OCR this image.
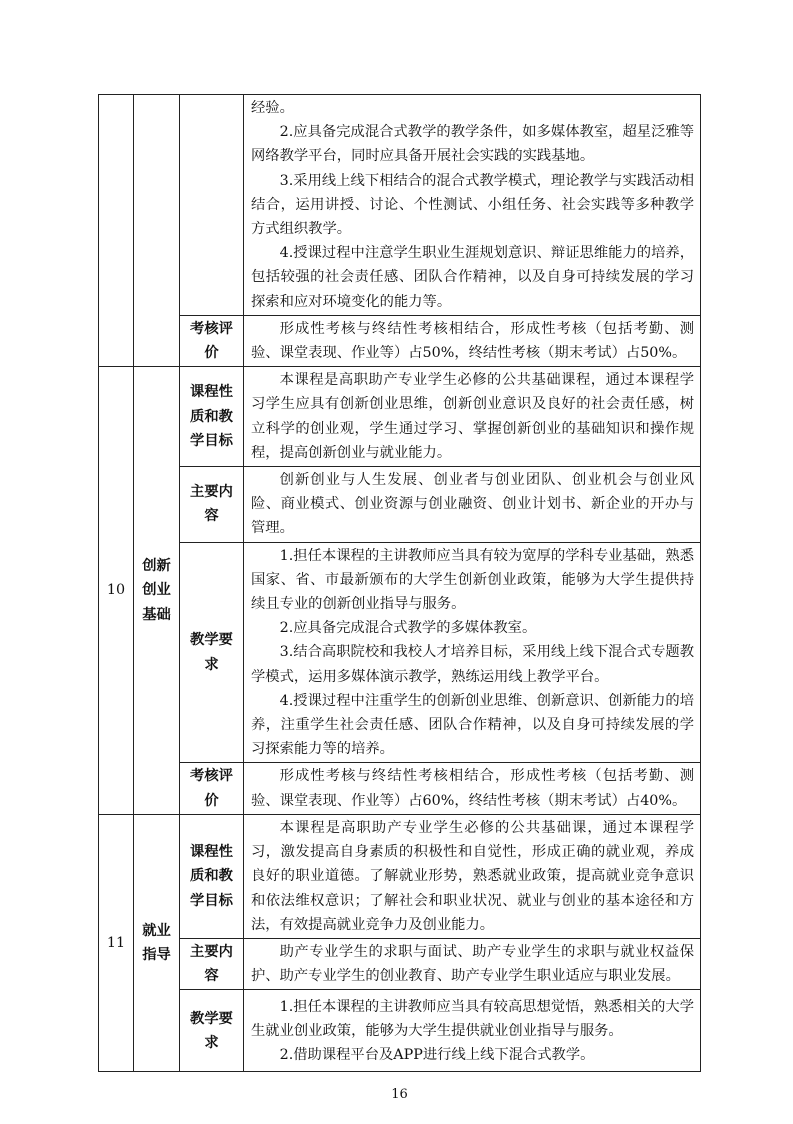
			经验。

2.应具备完成混合式教学的教学条件，如多媒体教室，超星泛雅等网络教学平台，同时应具备开展社会实践的实践基地。

3.采用线上线下相结合的混合式教学模式，理论教学与实践活动相结合，运用讲授、讨论、个性测试、小组任务、社会实践等多种教学方式组织教学。

4.授课过程中注意学生职业生涯规划意识、辩证思维能力的培养，包括较强的社会责任感、团队合作精神，以及自身可持续发展的学习探索和应对环境变化的能力等。

		考核评价	形成性考核与终结性考核相结合，形成性考核（包括考勤、测验、课堂表现、作业等）占50%，终结性考核（期末考试）占50%。

10	创新创业基础	课程性质和教学目标	本课程是高职助产专业学生必修的公共基础课程，通过本课程学习学生应具有创新创业思维，创新创业意识及良好的社会责任感，树立科学的创业观，学生通过学习、掌握创新创业的基础知识和操作规程，提高创新创业与就业能力。

		主要内容	创新创业与人生发展、创业者与创业团队、创业机会与创业风险、商业模式、创业资源与创业融资、创业计划书、新企业的开办与管理。

		教学要求	1.担任本课程的主讲教师应当具有较为宽厚的学科专业基础，熟悉国家、省、市最新颁布的大学生创新创业政策，能够为大学生提供持续且专业的创新创业指导与服务。

2.应具备完成混合式教学的多媒体教室。

3.结合高职院校和我校人才培养目标，采用线上线下混合式专题教学模式，运用多媒体演示教学，熟练运用线上教学平台。

4.授课过程中注重学生的创新创业思维、创新意识、创新能力的培养，注重学生社会责任感、团队合作精神，以及自身可持续发展的学习探索能力等的培养。

		考核评价	形成性考核与终结性考核相结合，形成性考核（包括考勤、测验、课堂表现、作业等）占60%，终结性考核（期末考试）占40%。

11	就业指导	课程性质和教学目标	本课程是高职助产专业学生必修的公共基础课，通过本课程学习，激发提高自身素质的积极性和自觉性，形成正确的就业观，养成良好的职业道德。了解就业形势，熟悉就业政策，提高就业竞争意识和依法维权意识；了解社会和职业状况、就业与创业的基本途径和方法，有效提高就业竞争力及创业能力。

		主要内容	助产专业学生的求职与面试、助产专业学生的求职与就业权益保护、助产专业学生的创业教育、助产专业学生职业适应与职业发展。

		教学要求	1.担任本课程的主讲教师应当具有较高思想觉悟，熟悉相关的大学生就业创业政策，能够为大学生提供就业创业指导与服务。

2.借助课程平台及APP进行线上线下混合式教学。

16
